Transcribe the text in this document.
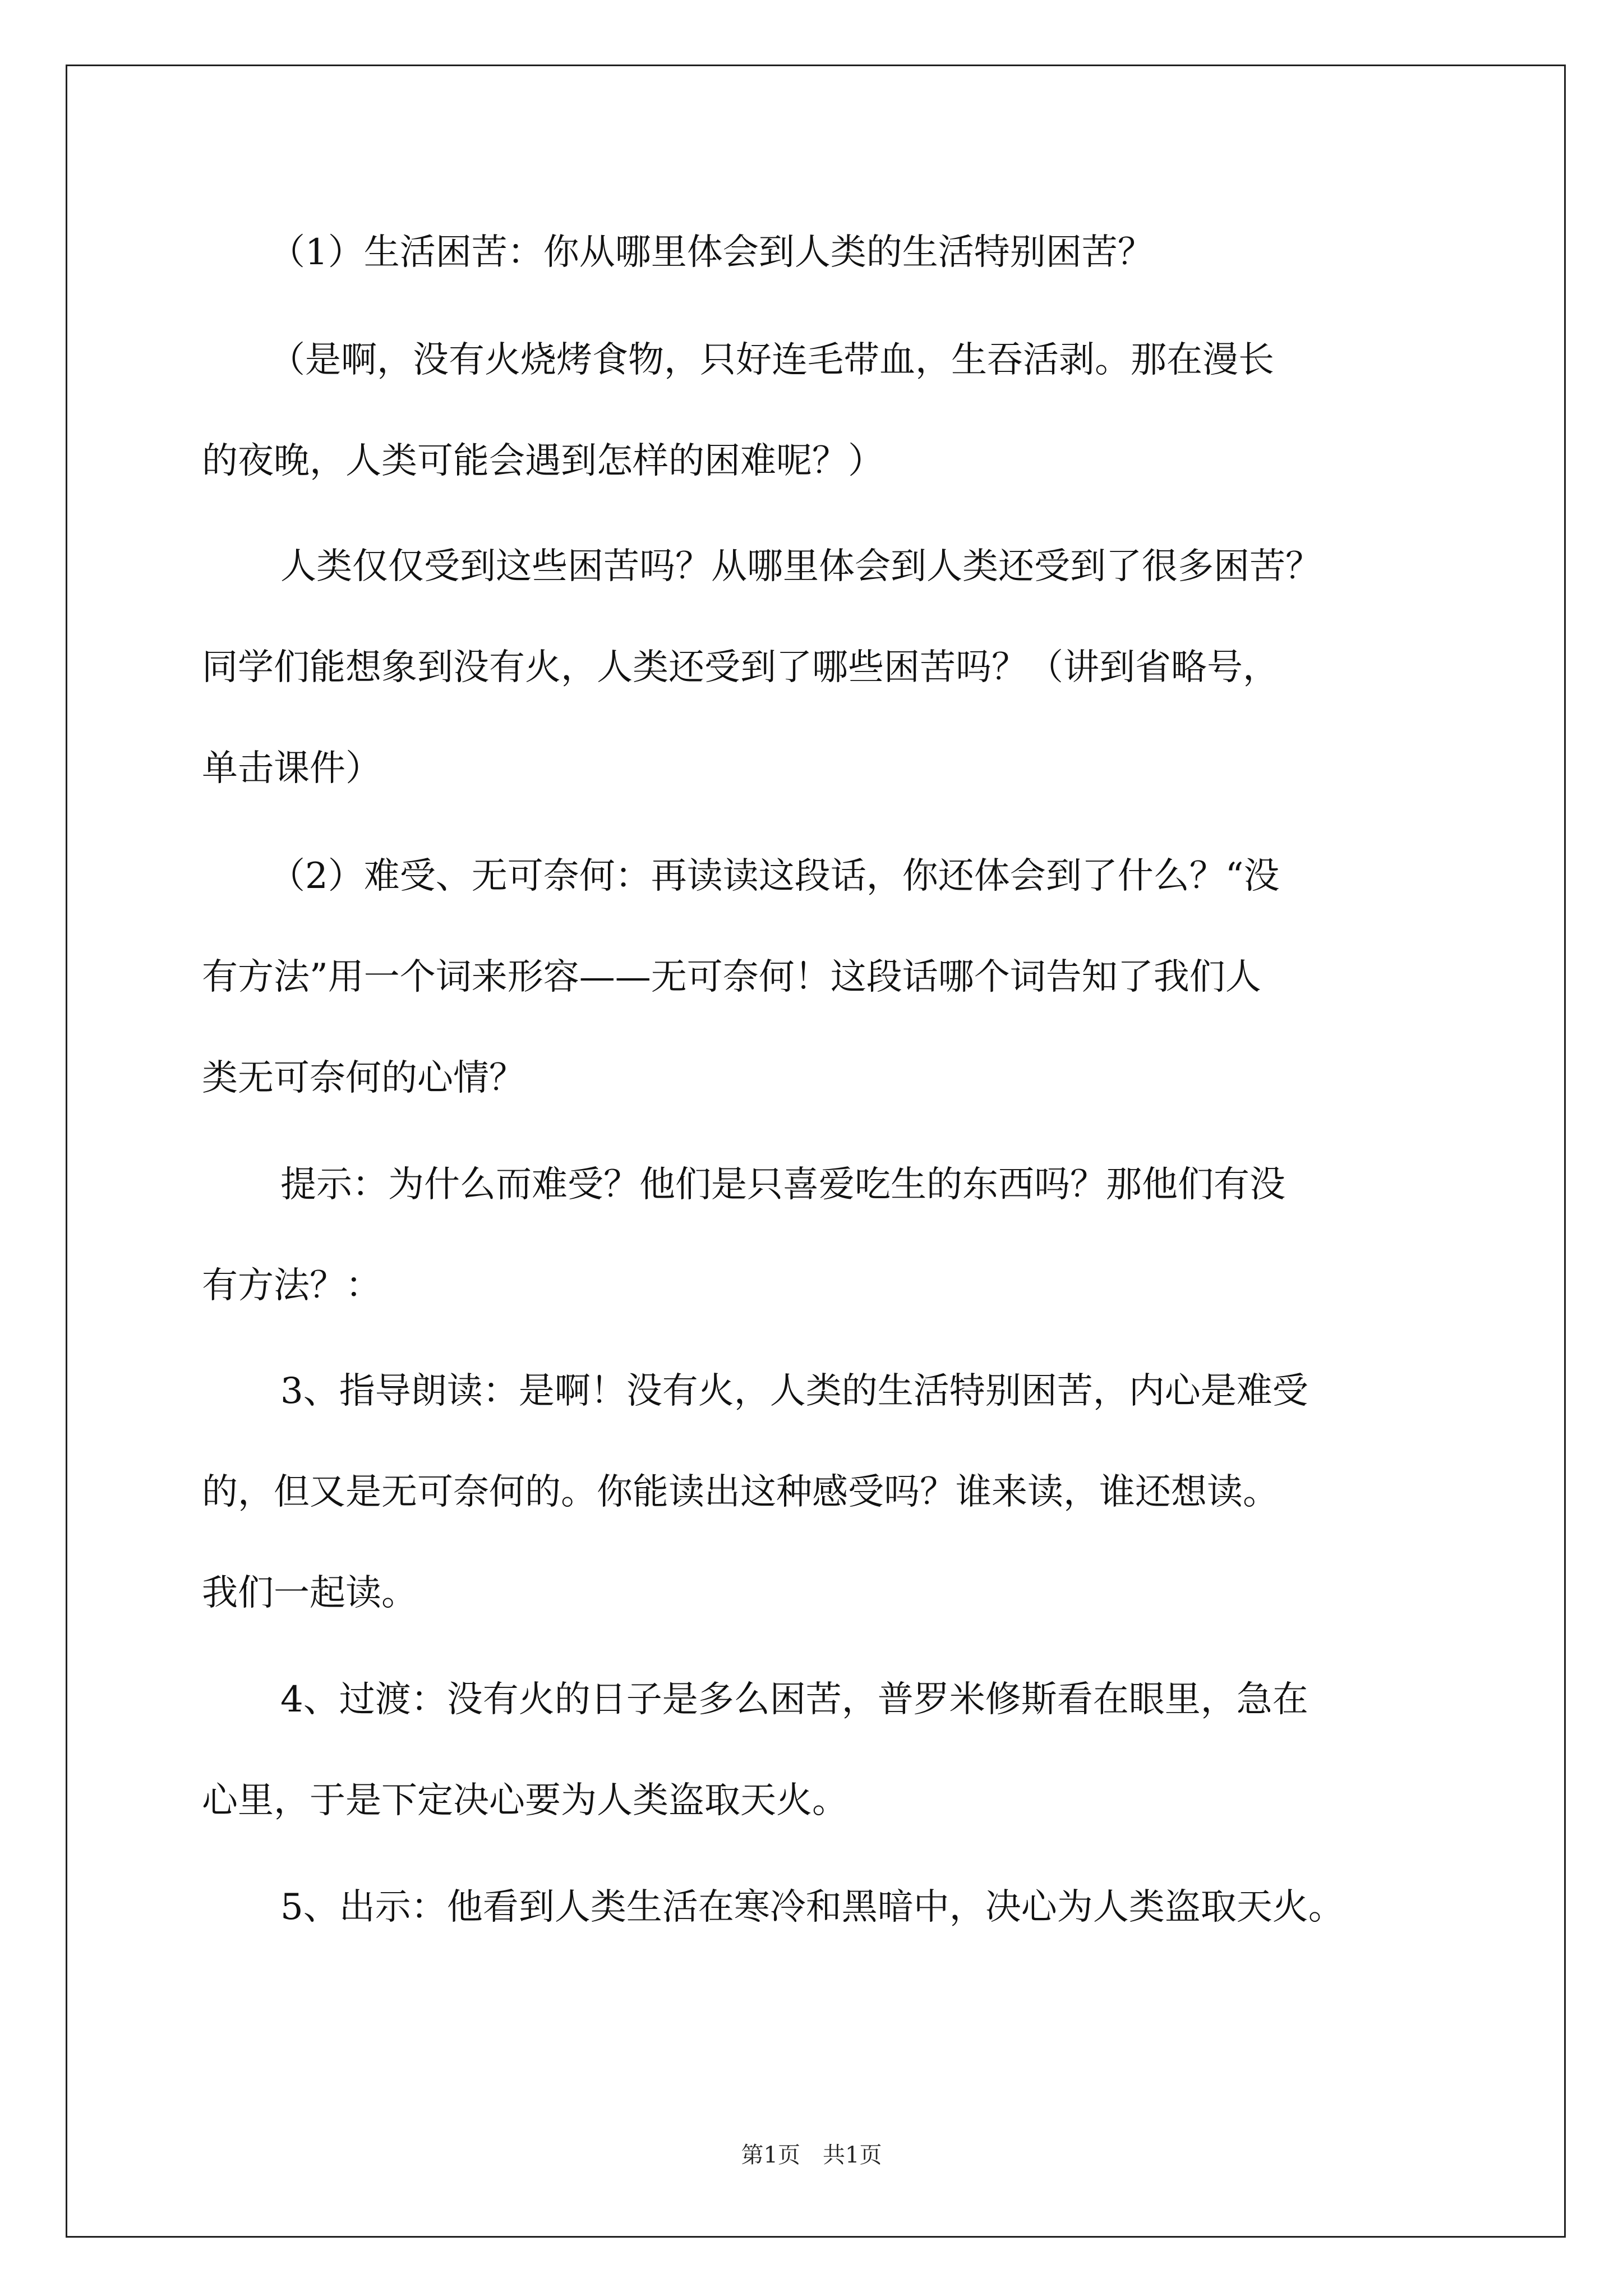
（1）生活困苦：你从哪里体会到人类的生活特别困苦？
（是啊，没有火烧烤食物，只好连毛带血，生吞活剥。那在漫长
的夜晚，人类可能会遇到怎样的困难呢？）
人类仅仅受到这些困苦吗？从哪里体会到人类还受到了很多困苦？
同学们能想象到没有火，人类还受到了哪些困苦吗？（讲到省略号，
单击课件）
（2）难受、无可奈何：再读读这段话，你还体会到了什么？“没
有方法”用一个词来形容——无可奈何！这段话哪个词告知了我们人
类无可奈何的心情？
提示：为什么而难受？他们是只喜爱吃生的东西吗？那他们有没
有方法？：
3、指导朗读：是啊！没有火，人类的生活特别困苦，内心是难受
的，但又是无可奈何的。你能读出这种感受吗？谁来读，谁还想读。
我们一起读。
4、过渡：没有火的日子是多么困苦，普罗米修斯看在眼里，急在
心里，于是下定决心要为人类盗取天火。
5、出示：他看到人类生活在寒冷和黑暗中，决心为人类盗取天火。
第1页 共1页
